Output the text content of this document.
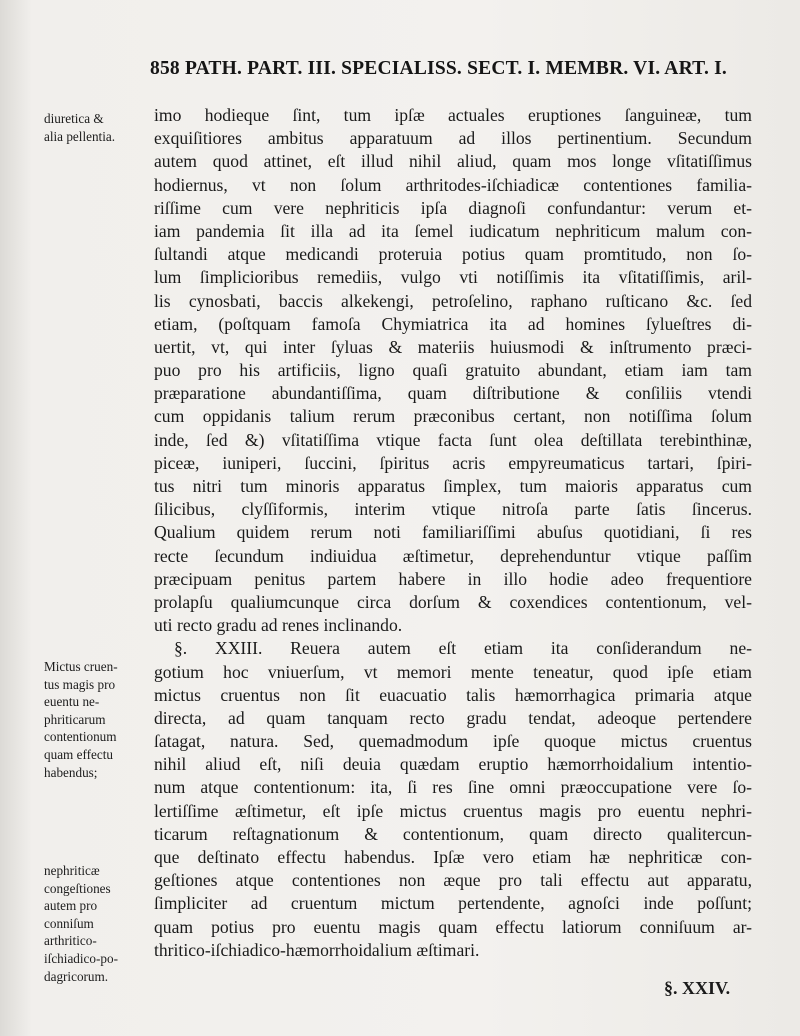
858 PATH. PART. III. SPECIALISS. SECT. I. MEMBR. VI. ART. I.
diuretica &
alia pellentia.
Mictus cruen-
tus magis pro
euentu ne-
phriticarum
contentionum
quam effectu
habendus;
nephriticæ
congeſtiones
autem pro
conniſum
arthritico-
iſchiadico-po-
dagricorum.
imo hodieque ſint, tum ipſæ actuales eruptiones ſanguineæ, tum
exquiſitiores ambitus apparatuum ad illos pertinentium. Secundum
autem quod attinet, eſt illud nihil aliud, quam mos longe vſitatiſſimus
hodiernus, vt non ſolum arthritodes-iſchiadicæ contentiones familia-
riſſime cum vere nephriticis ipſa diagnoſi confundantur: verum et-
iam pandemia ſit illa ad ita ſemel iudicatum nephriticum malum con-
ſultandi atque medicandi proteruia potius quam promtitudo, non ſo-
lum ſimplicioribus remediis, vulgo vti notiſſimis ita vſitatiſſimis, aril-
lis cynosbati, baccis alkekengi, petroſelino, raphano ruſticano &c. ſed
etiam, (poſtquam famoſa Chymiatrica ita ad homines ſylueſtres di-
uertit, vt, qui inter ſyluas & materiis huiusmodi & inſtrumento præci-
puo pro his artificiis, ligno quaſi gratuito abundant, etiam iam tam
præparatione abundantiſſima, quam diſtributione & conſiliis vtendi
cum oppidanis talium rerum præconibus certant, non notiſſima ſolum
inde, ſed &) vſitatiſſima vtique facta ſunt olea deſtillata terebinthinæ,
piceæ, iuniperi, ſuccini, ſpiritus acris empyreumaticus tartari, ſpiri-
tus nitri tum minoris apparatus ſimplex, tum maioris apparatus cum
ſilicibus, clyſſiformis, interim vtique nitroſa parte ſatis ſincerus.
Qualium quidem rerum noti familiariſſimi abuſus quotidiani, ſi res
recte ſecundum indiuidua æſtimetur, deprehenduntur vtique paſſim
præcipuam penitus partem habere in illo hodie adeo frequentiore
prolapſu qualiumcunque circa dorſum & coxendices contentionum, vel-
uti recto gradu ad renes inclinando.
§. XXIII. Reuera autem eſt etiam ita conſiderandum ne-
gotium hoc vniuerſum, vt memori mente teneatur, quod ipſe etiam
mictus cruentus non ſit euacuatio talis hæmorrhagica primaria atque
directa, ad quam tanquam recto gradu tendat, adeoque pertendere
ſatagat, natura. Sed, quemadmodum ipſe quoque mictus cruentus
nihil aliud eſt, niſi deuia quædam eruptio hæmorrhoidalium intentio-
num atque contentionum: ita, ſi res ſine omni præoccupatione vere ſo-
lertiſſime æſtimetur, eſt ipſe mictus cruentus magis pro euentu nephri-
ticarum reſtagnationum & contentionum, quam directo qualitercun-
que deſtinato effectu habendus. Ipſæ vero etiam hæ nephriticæ con-
geſtiones atque contentiones non æque pro tali effectu aut apparatu,
ſimpliciter ad cruentum mictum pertendente, agnoſci inde poſſunt;
quam potius pro euentu magis quam effectu latiorum conniſuum ar-
thritico-iſchiadico-hæmorrhoidalium æſtimari.
§. XXIV.
